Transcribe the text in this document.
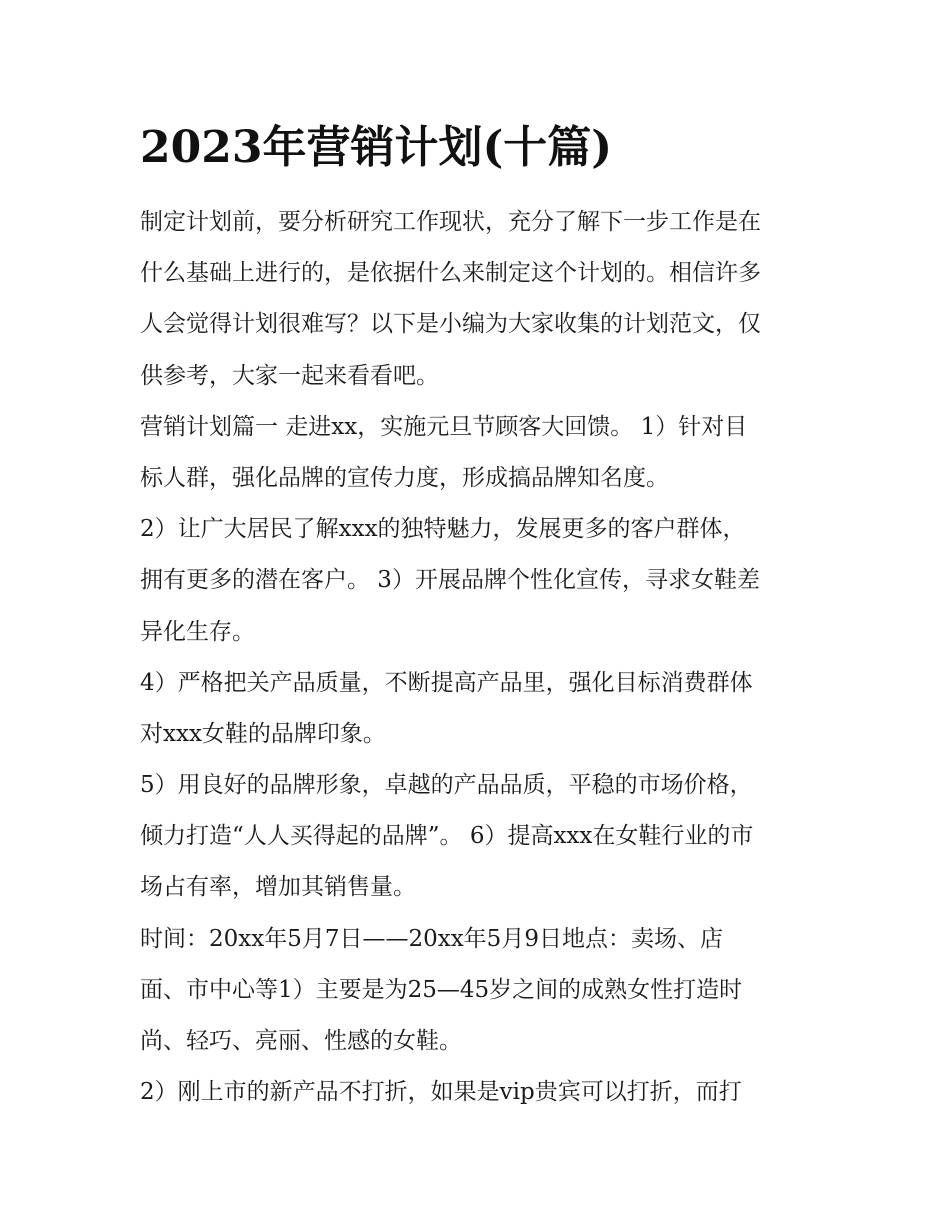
2023年营销计划(十篇)
制定计划前，要分析研究工作现状，充分了解下一步工作是在
什么基础上进行的，是依据什么来制定这个计划的。相信许多
人会觉得计划很难写？以下是小编为大家收集的计划范文，仅
供参考，大家一起来看看吧。
营销计划篇一 走进xx，实施元旦节顾客大回馈。 1）针对目
标人群，强化品牌的宣传力度，形成搞品牌知名度。
2）让广大居民了解xxx的独特魅力，发展更多的客户群体，
拥有更多的潜在客户。 3）开展品牌个性化宣传，寻求女鞋差
异化生存。
4）严格把关产品质量，不断提高产品里，强化目标消费群体
对xxx女鞋的品牌印象。
5）用良好的品牌形象，卓越的产品品质，平稳的市场价格，
倾力打造“人人买得起的品牌”。 6）提高xxx在女鞋行业的市
场占有率，增加其销售量。
时间：20xx年5月7日——20xx年5月9日地点：卖场、店
面、市中心等1）主要是为25—45岁之间的成熟女性打造时
尚、轻巧、亮丽、性感的女鞋。
2）刚上市的新产品不打折，如果是vip贵宾可以打折，而打
